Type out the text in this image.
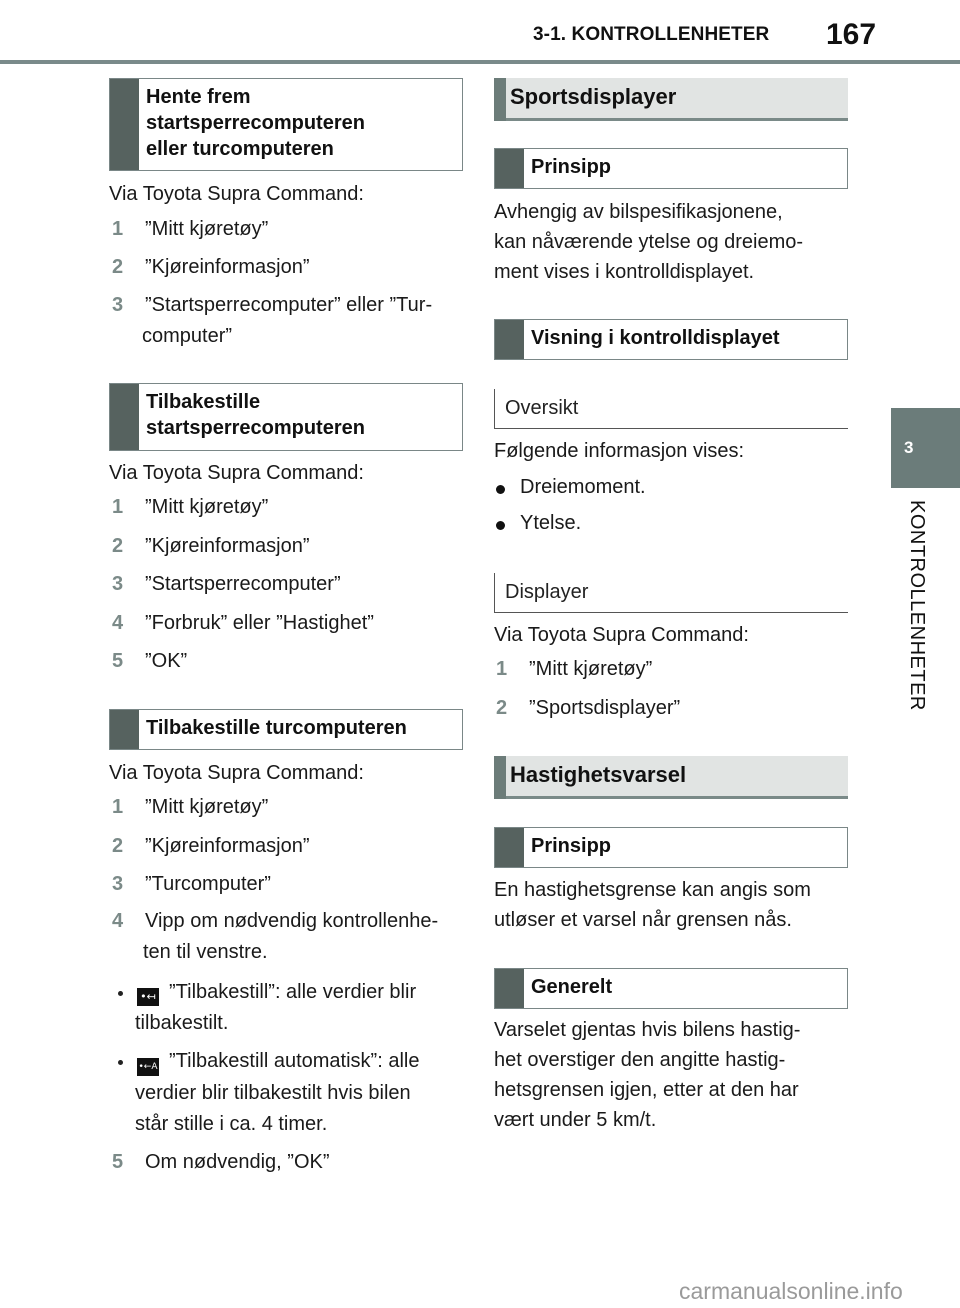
3-1. KONTROLLENHETER 167
3
KONTROLLENHETER
Hente frem
startsperrecomputeren
eller turcomputeren
Via Toyota Supra Command:
1 ”Mitt kjøretøy”
2 ”Kjøreinformasjon”
3 ”Startsperrecomputer” eller ”Tur-
computer”
Tilbakestille
startsperrecomputeren
Via Toyota Supra Command:
1 ”Mitt kjøretøy”
2 ”Kjøreinformasjon”
3 ”Startsperrecomputer”
4 ”Forbruk” eller ”Hastighet”
5 ”OK”
Tilbakestille turcomputeren
Via Toyota Supra Command:
1 ”Mitt kjøretøy”
2 ”Kjøreinformasjon”
3 ”Turcomputer”
4 Vipp om nødvendig kontrollenhe-
ten til venstre.
•↤ ”Tilbakestill”: alle verdier blir
tilbakestilt.
•←A ”Tilbakestill automatisk”: alle
verdier blir tilbakestilt hvis bilen
står stille i ca. 4 timer.
5 Om nødvendig, ”OK”
Sportsdisplayer
Prinsipp
Avhengig av bilspesifikasjonene,
kan nåværende ytelse og dreiemo-
ment vises i kontrolldisplayet.
Visning i kontrolldisplayet
Oversikt
Følgende informasjon vises:
Dreiemoment.
Ytelse.
Displayer
Via Toyota Supra Command:
1 ”Mitt kjøretøy”
2 ”Sportsdisplayer”
Hastighetsvarsel
Prinsipp
En hastighetsgrense kan angis som
utløser et varsel når grensen nås.
Generelt
Varselet gjentas hvis bilens hastig-
het overstiger den angitte hastig-
hetsgrensen igjen, etter at den har
vært under 5 km/t.
carmanualsonline.info
